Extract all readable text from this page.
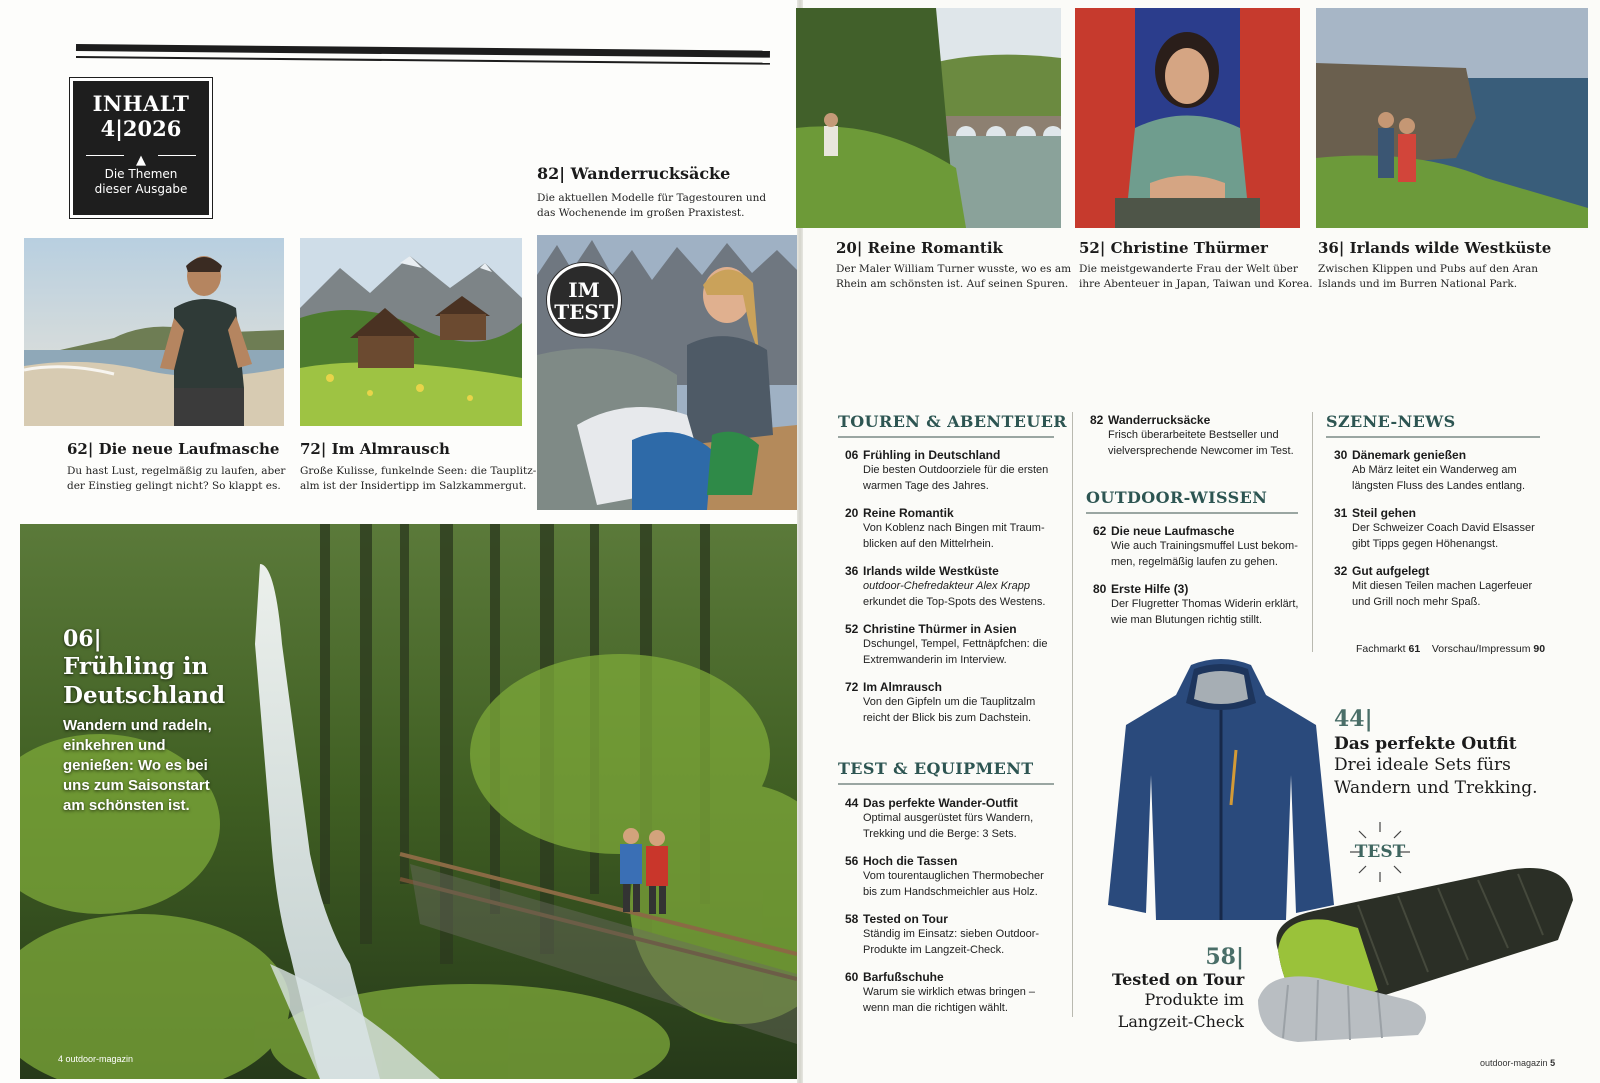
INHALT
4|2026
▲
Die Themen
dieser Ausgabe
82| Wanderrucksäcke
Die aktuellen Modelle für Tagestouren und
das Wochenende im großen Praxistest.
62| Die neue Laufmasche
Du hast Lust, regelmäßig zu laufen, aber
der Einstieg gelingt nicht? So klappt es.
72| Im Almrausch
Große Kulisse, funkelnde Seen: die Tauplitz-
alm ist der Insidertipp im Salzkammergut.
IM
TEST
06|
Frühling in
Deutschland
Wandern und radeln,
einkehren und
genießen: Wo es bei
uns zum Saisonstart
am schönsten ist.
4 outdoor-magazin
20| Reine Romantik
Der Maler William Turner wusste, wo es am
Rhein am schönsten ist. Auf seinen Spuren.
52| Christine Thürmer
Die meistgewanderte Frau der Welt über
ihre Abenteuer in Japan, Taiwan und Korea.
36| Irlands wilde Westküste
Zwischen Klippen und Pubs auf den Aran
Islands und im Burren National Park.
TOUREN & ABENTEUER
06 Frühling in Deutschland
Die besten Outdoorziele für die ersten
warmen Tage des Jahres.
20 Reine Romantik
Von Koblenz nach Bingen mit Traum-
blicken auf den Mittelrhein.
36 Irlands wilde Westküste
outdoor-Chefredakteur Alex Krapp
erkundet die Top-Spots des Westens.
52 Christine Thürmer in Asien
Dschungel, Tempel, Fettnäpfchen: die
Extremwanderin im Interview.
72 Im Almrausch
Von den Gipfeln um die Tauplitzalm
reicht der Blick bis zum Dachstein.
TEST & EQUIPMENT
44 Das perfekte Wander-Outfit
Optimal ausgerüstet fürs Wandern,
Trekking und die Berge: 3 Sets.
56 Hoch die Tassen
Vom tourentauglichen Thermobecher
bis zum Handschmeichler aus Holz.
58 Tested on Tour
Ständig im Einsatz: sieben Outdoor-
Produkte im Langzeit-Check.
60 Barfußschuhe
Warum sie wirklich etwas bringen –
wenn man die richtigen wählt.
82 Wanderrucksäcke
Frisch überarbeitete Bestseller und
vielversprechende Newcomer im Test.
OUTDOOR-WISSEN
62 Die neue Laufmasche
Wie auch Trainingsmuffel Lust bekom-
men, regelmäßig laufen zu gehen.
80 Erste Hilfe (3)
Der Flugretter Thomas Widerin erklärt,
wie man Blutungen richtig stillt.
SZENE-NEWS
30 Dänemark genießen
Ab März leitet ein Wanderweg am
längsten Fluss des Landes entlang.
31 Steil gehen
Der Schweizer Coach David Elsasser
gibt Tipps gegen Höhenangst.
32 Gut aufgelegt
Mit diesen Teilen machen Lagerfeuer
und Grill noch mehr Spaß.
Fachmarkt 61 Vorschau/Impressum 90
44|
Das perfekte Outfit
Drei ideale Sets fürs
Wandern und Trekking.
TEST
58|
Tested on Tour
Produkte im
Langzeit-Check
outdoor-magazin 5
